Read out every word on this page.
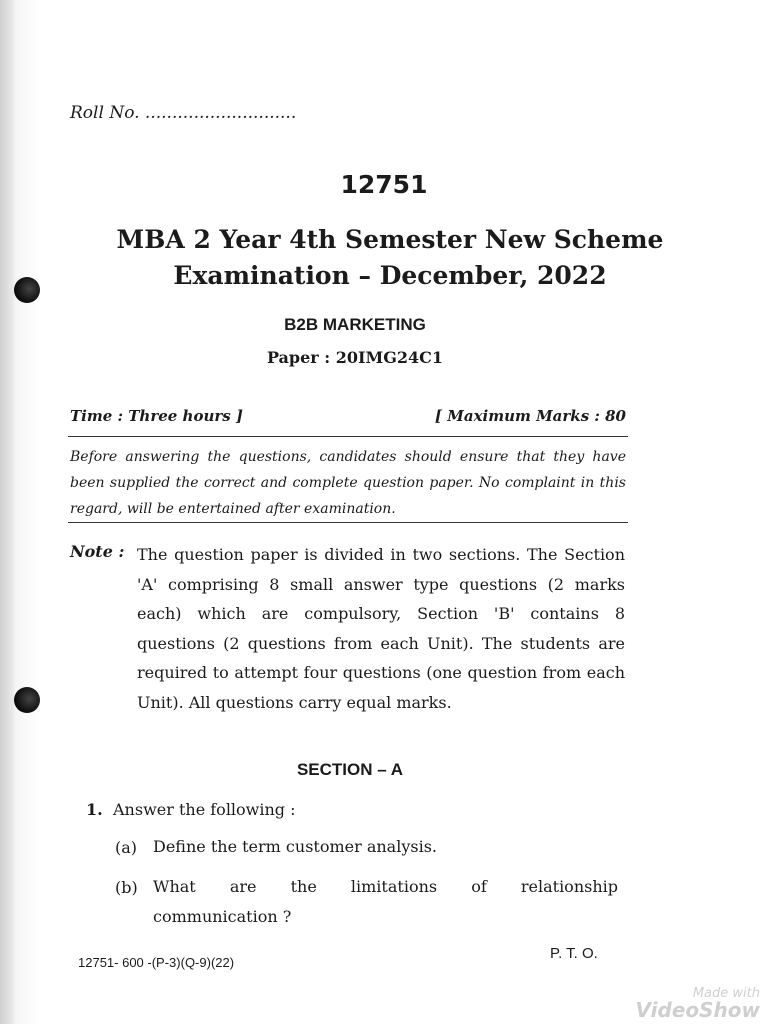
Roll No. ............................
12751
MBA 2 Year 4th Semester New Scheme
Examination – December, 2022
B2B MARKETING
Paper : 20IMG24C1
Time : Three hours ]	[ Maximum Marks : 80
Before answering the questions, candidates should ensure that they have been supplied the correct and complete question paper. No complaint in this regard, will be entertained after examination.
Note : The question paper is divided in two sections. The Section 'A' comprising 8 small answer type questions (2 marks each) which are compulsory, Section 'B' contains 8 questions (2 questions from each Unit). The students are required to attempt four questions (one question from each Unit). All questions carry equal marks.
SECTION – A
1. Answer the following :
(a) Define the term customer analysis.
(b) What are the limitations of relationship
communication ?
12751- 600 -(P-3)(Q-9)(22)
P. T. O.
Made with
VideoShow
